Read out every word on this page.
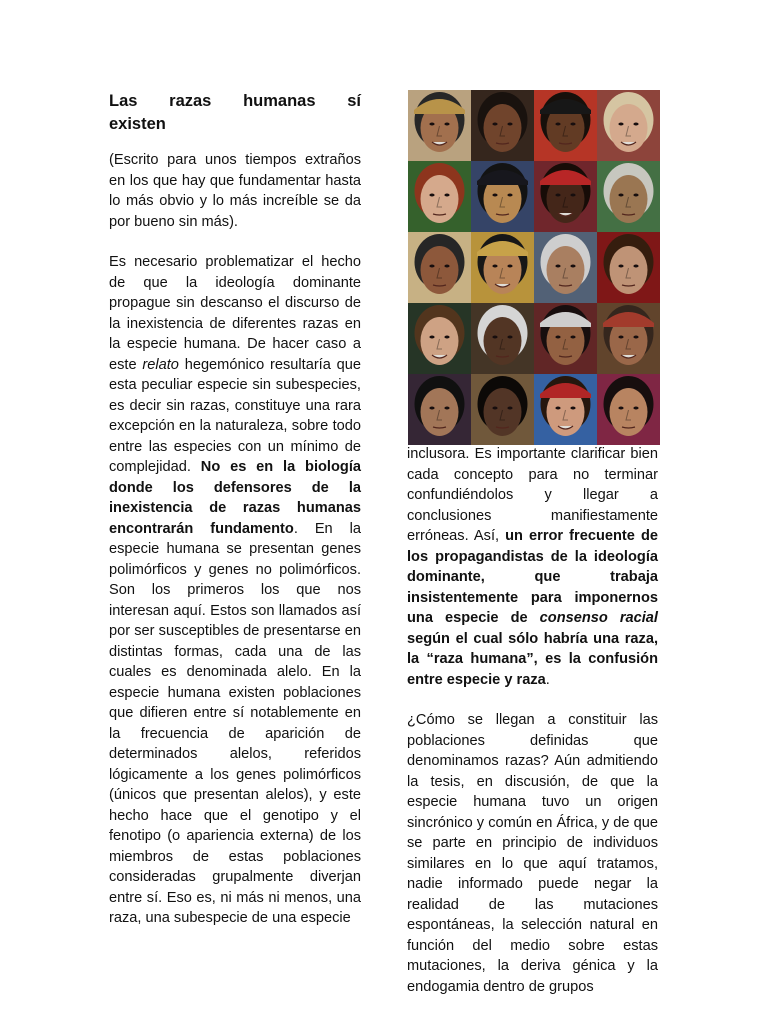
Las razas humanas sí
existen

(Escrito para unos tiempos extraños en los que hay que fundamentar hasta lo más obvio y lo más increíble se da por bueno sin más).

Es necesario problematizar el hecho de que la ideología dominante propague sin descanso el discurso de la inexistencia de diferentes razas en la especie humana. De hacer caso a este relato hegemónico resultaría que esta peculiar especie sin subespecies, es decir sin razas, constituye una rara excepción en la naturaleza, sobre todo entre las especies con un mínimo de complejidad. No es en la biología donde los defensores de la inexistencia de razas humanas encontrarán fundamento. En la especie humana se presentan genes polimórficos y genes no polimórficos. Son los primeros los que nos interesan aquí. Estos son llamados así por ser susceptibles de presentarse en distintas formas, cada una de las cuales es denominada alelo. En la especie humana existen poblaciones que difieren entre sí notablemente en la frecuencia de aparición de determinados alelos, referidos lógicamente a los genes polimórficos (únicos que presentan alelos), y este hecho hace que el genotipo y el fenotipo (o apariencia externa) de los miembros de estas poblaciones consideradas grupalmente diverjan entre sí. Eso es, ni más ni menos, una raza, una subespecie de una especie

inclusora. Es importante clarificar bien cada concepto para no terminar confundiéndolos y llegar a conclusiones manifiestamente erróneas. Así, un error frecuente de los propagandistas de la ideología dominante, que trabaja insistentemente para imponernos una especie de consenso racial según el cual sólo habría una raza, la “raza humana”, es la confusión entre especie y raza.

¿Cómo se llegan a constituir las poblaciones definidas que denominamos razas? Aún admitiendo la tesis, en discusión, de que la especie humana tuvo un origen sincrónico y común en África, y de que se parte en principio de individuos similares en lo que aquí tratamos, nadie informado puede negar la realidad de las mutaciones espontáneas, la selección natural en función del medio sobre estas mutaciones, la deriva génica y la endogamia dentro de grupos
